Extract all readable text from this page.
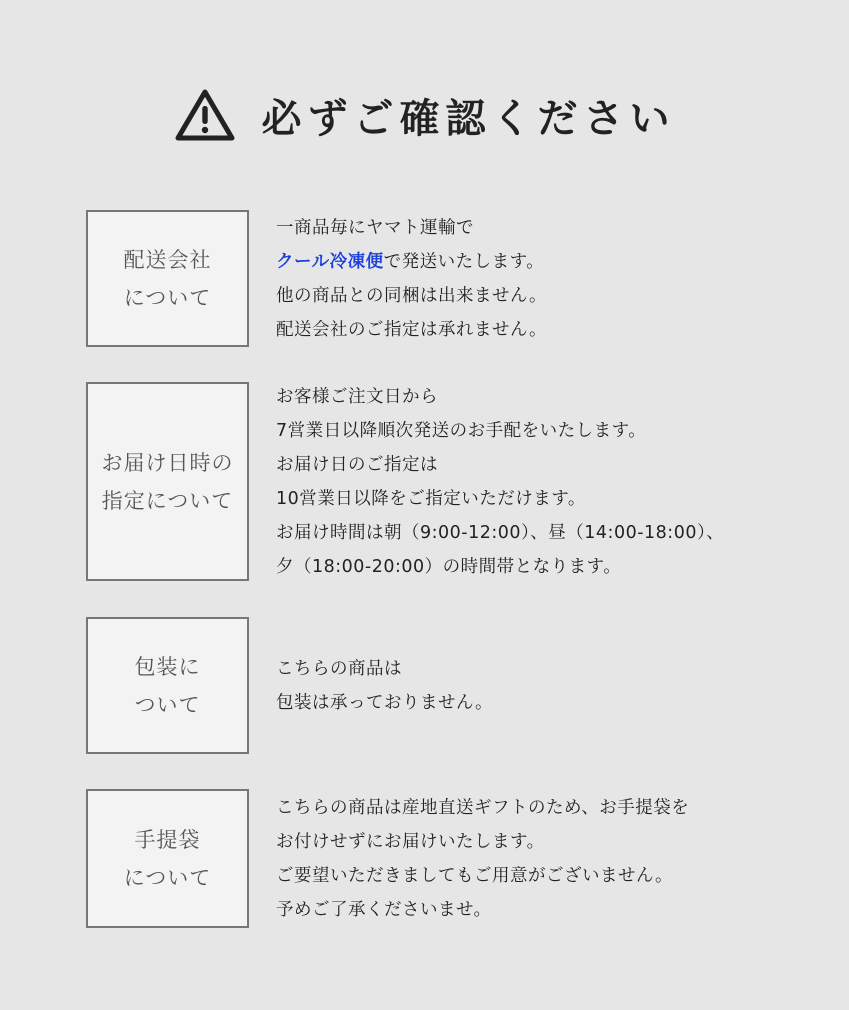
必ずご確認ください
配送会社
について
一商品毎にヤマト運輸で
クール冷凍便で発送いたします。
他の商品との同梱は出来ません。
配送会社のご指定は承れません。
お届け日時の
指定について
お客様ご注文日から
7営業日以降順次発送のお手配をいたします。
お届け日のご指定は
10営業日以降をご指定いただけます。
お届け時間は朝（9:00-12:00）、昼（14:00-18:00）、
夕（18:00-20:00）の時間帯となります。
包装に
ついて
こちらの商品は
包装は承っておりません。
手提袋
について
こちらの商品は産地直送ギフトのため、お手提袋を
お付けせずにお届けいたします。
ご要望いただきましてもご用意がございません。
予めご了承くださいませ。
